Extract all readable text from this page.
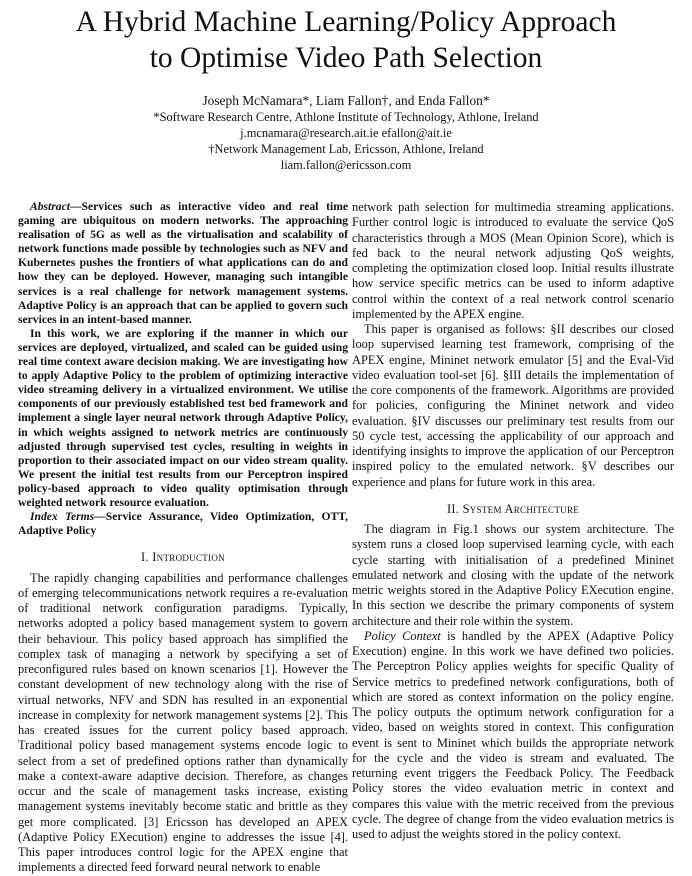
A Hybrid Machine Learning/Policy Approach
to Optimise Video Path Selection
Joseph McNamara*, Liam Fallon†, and Enda Fallon*
*Software Research Centre, Athlone Institute of Technology, Athlone, Ireland
j.mcnamara@research.ait.ie efallon@ait.ie
†Network Management Lab, Ericsson, Athlone, Ireland
liam.fallon@ericsson.com

Abstract—Services such as interactive video and real time gaming are ubiquitous on modern networks. The approaching realisation of 5G as well as the virtualisation and scalability of network functions made possible by technologies such as NFV and Kubernetes pushes the frontiers of what applications can do and how they can be deployed. However, managing such intangible services is a real challenge for network management systems. Adaptive Policy is an approach that can be applied to govern such services in an intent-based manner.

In this work, we are exploring if the manner in which our services are deployed, virtualized, and scaled can be guided using real time context aware decision making. We are investigating how to apply Adaptive Policy to the problem of optimizing interactive video streaming delivery in a virtualized environment. We utilise components of our previously established test bed framework and implement a single layer neural network through Adaptive Policy, in which weights assigned to network metrics are continuously adjusted through supervised test cycles, resulting in weights in proportion to their associated impact on our video stream quality. We present the initial test results from our Perceptron inspired policy-based approach to video quality optimisation through weighted network resource evaluation.

Index Terms—Service Assurance, Video Optimization, OTT, Adaptive Policy

I. Introduction

The rapidly changing capabilities and performance challenges of emerging telecommunications network requires a re-evaluation of traditional network configuration paradigms. Typically, networks adopted a policy based management system to govern their behaviour. This policy based approach has simplified the complex task of managing a network by specifying a set of preconfigured rules based on known scenarios [1]. However the constant development of new technology along with the rise of virtual networks, NFV and SDN has resulted in an exponential increase in complexity for network management systems [2]. This has created issues for the current policy based approach. Traditional policy based management systems encode logic to select from a set of predefined options rather than dynamically make a context-aware adaptive decision. Therefore, as changes occur and the scale of management tasks increase, existing management systems inevitably become static and brittle as they get more complicated. [3] Ericsson has developed an APEX (Adaptive Policy EXecution) engine to addresses the issue [4]. This paper introduces control logic for the APEX engine that implements a directed feed forward neural network to enable

network path selection for multimedia streaming applications. Further control logic is introduced to evaluate the service QoS characteristics through a MOS (Mean Opinion Score), which is fed back to the neural network adjusting QoS weights, completing the optimization closed loop. Initial results illustrate how service specific metrics can be used to inform adaptive control within the context of a real network control scenario implemented by the APEX engine.

This paper is organised as follows: §II describes our closed loop supervised learning test framework, comprising of the APEX engine, Mininet network emulator [5] and the Eval-Vid video evaluation tool-set [6]. §III details the implementation of the core components of the framework. Algorithms are provided for policies, configuring the Mininet network and video evaluation. §IV discusses our preliminary test results from our 50 cycle test, accessing the applicability of our approach and identifying insights to improve the application of our Perceptron inspired policy to the emulated network. §V describes our experience and plans for future work in this area.

II. System Architecture

The diagram in Fig.1 shows our system architecture. The system runs a closed loop supervised learning cycle, with each cycle starting with initialisation of a predefined Mininet emulated network and closing with the update of the network metric weights stored in the Adaptive Policy EXecution engine. In this section we describe the primary components of system architecture and their role within the system.

Policy Context is handled by the APEX (Adaptive Policy Execution) engine. In this work we have defined two policies. The Perceptron Policy applies weights for specific Quality of Service metrics to predefined network configurations, both of which are stored as context information on the policy engine. The policy outputs the optimum network configuration for a video, based on weights stored in context. This configuration event is sent to Mininet which builds the appropriate network for the cycle and the video is stream and evaluated. The returning event triggers the Feedback Policy. The Feedback Policy stores the video evaluation metric in context and compares this value with the metric received from the previous cycle. The degree of change from the video evaluation metrics is used to adjust the weights stored in the policy context.
